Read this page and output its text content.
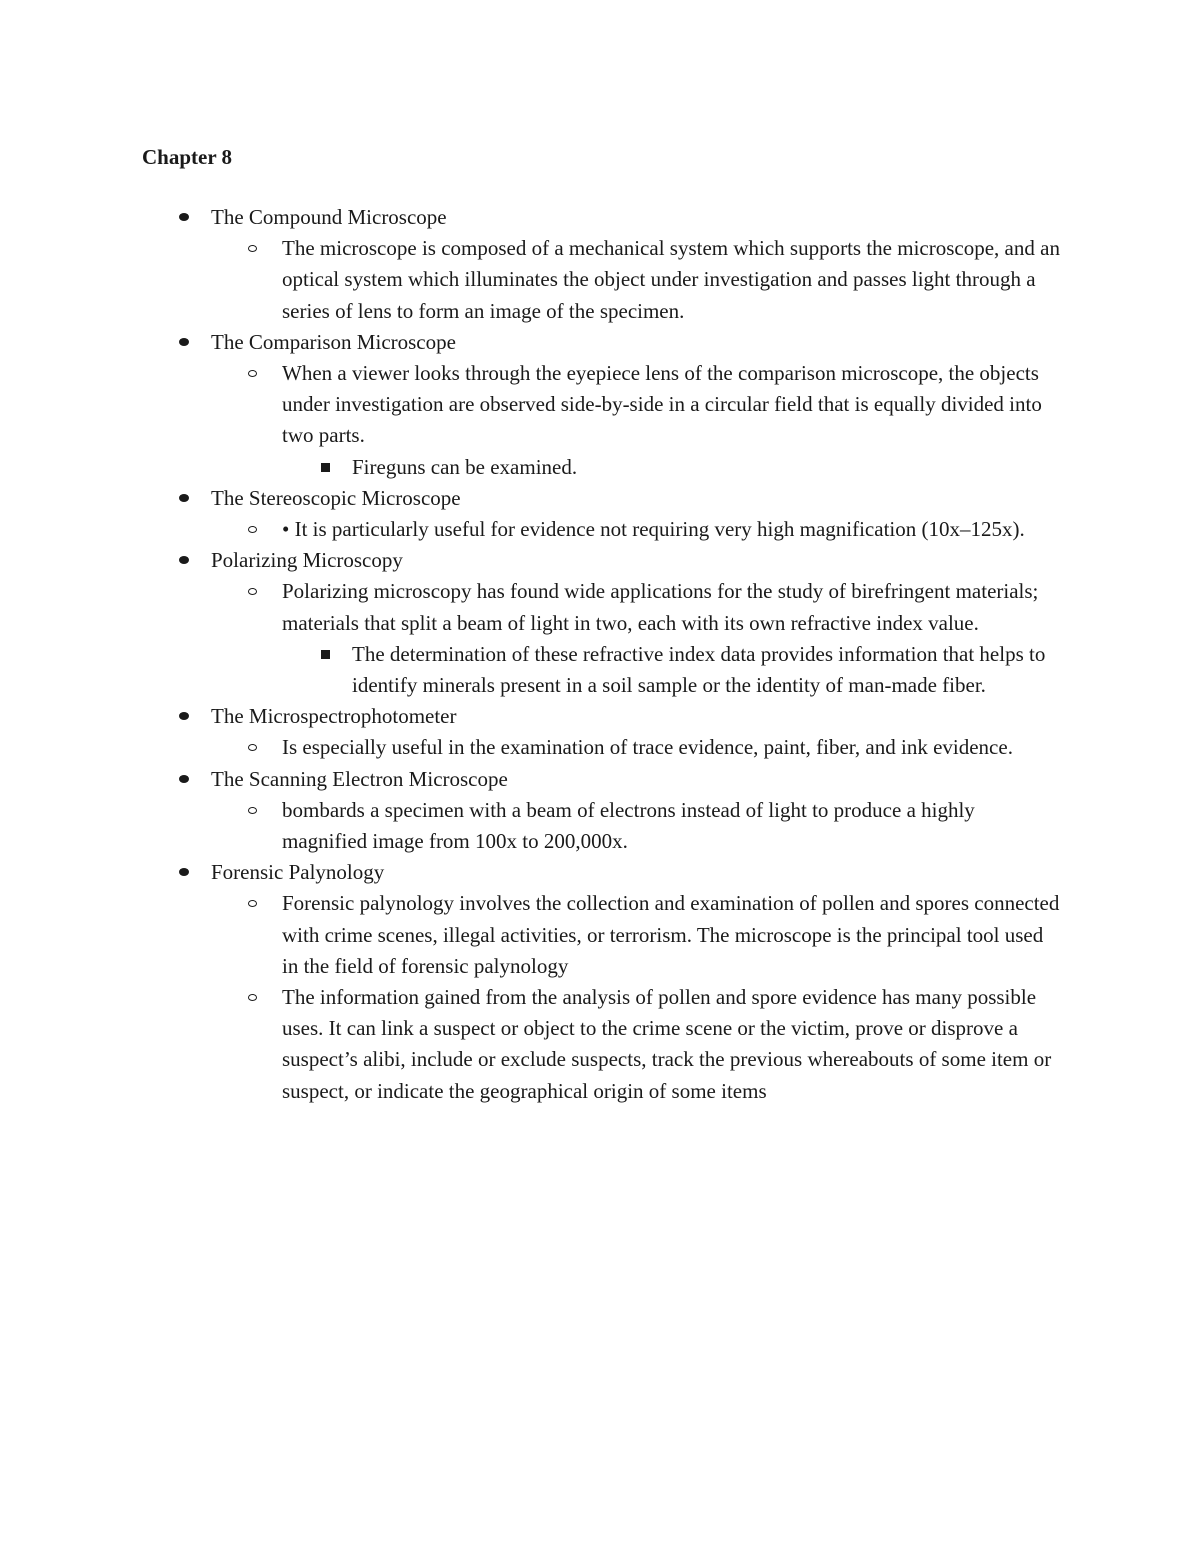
Chapter 8
The Compound Microscope
The microscope is composed of a mechanical system which supports the microscope, and an optical system which illuminates the object under investigation and passes light through a series of lens to form an image of the specimen.
The Comparison Microscope
When a viewer looks through the eyepiece lens of the comparison microscope, the objects under investigation are observed side-by-side in a circular field that is equally divided into two parts.
Fireguns can be examined.
The Stereoscopic Microscope
• It is particularly useful for evidence not requiring very high magnification (10x–125x).
Polarizing Microscopy
Polarizing microscopy has found wide applications for the study of birefringent materials; materials that split a beam of light in two, each with its own refractive index value.
The determination of these refractive index data provides information that helps to identify minerals present in a soil sample or the identity of man-made fiber.
The Microspectrophotometer
Is especially useful in the examination of trace evidence, paint, fiber, and ink evidence.
The Scanning Electron Microscope
bombards a specimen with a beam of electrons instead of light to produce a highly magnified image from 100x to 200,000x.
Forensic Palynology
Forensic palynology involves the collection and examination of pollen and spores connected with crime scenes, illegal activities, or terrorism. The microscope is the principal tool used in the field of forensic palynology
The information gained from the analysis of pollen and spore evidence has many possible uses. It can link a suspect or object to the crime scene or the victim, prove or disprove a suspect’s alibi, include or exclude suspects, track the previous whereabouts of some item or suspect, or indicate the geographical origin of some items
